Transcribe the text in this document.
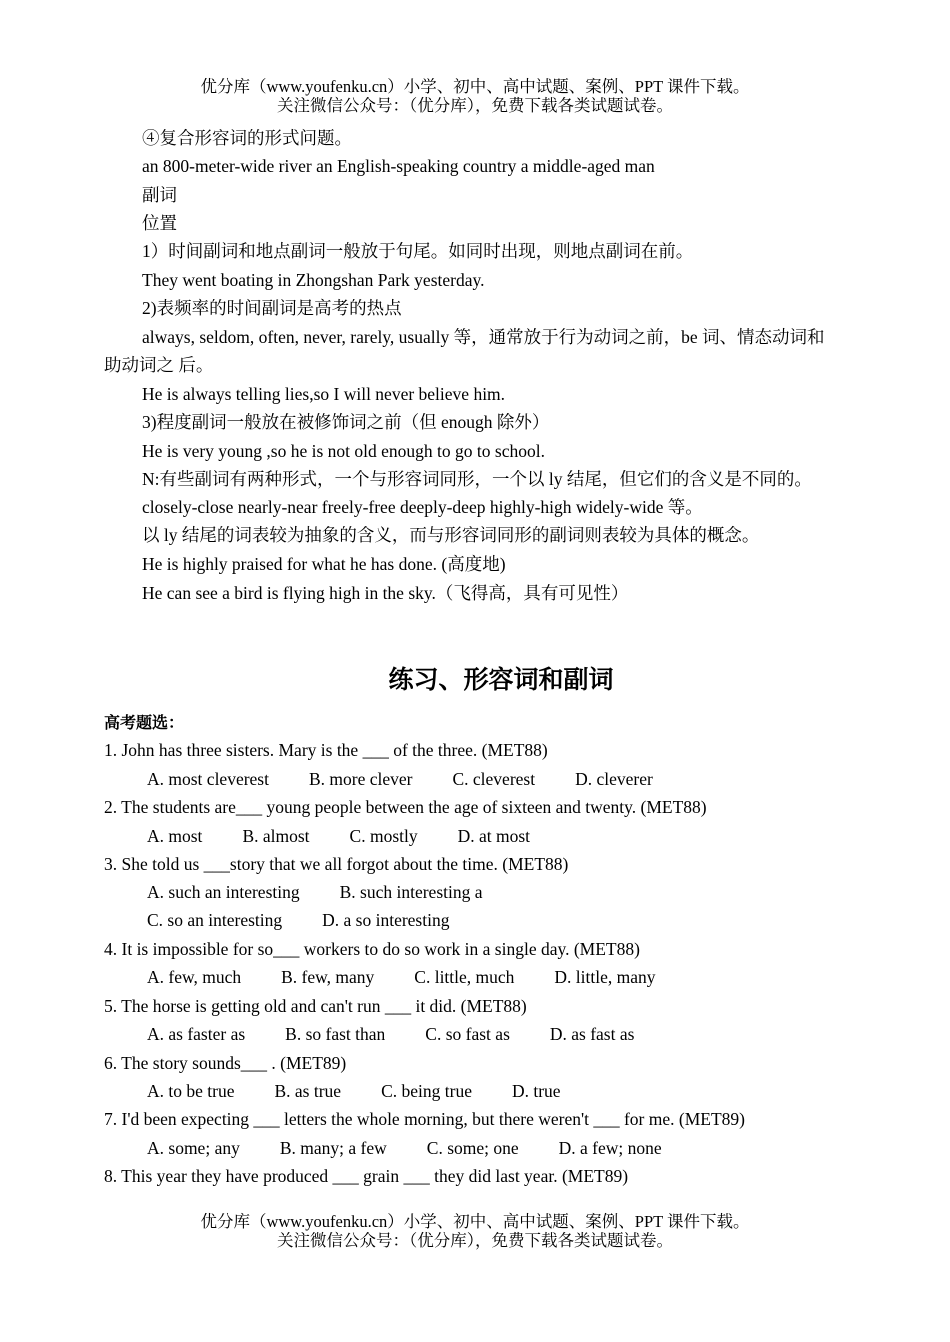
优分库（www.youfenku.cn）小学、初中、高中试题、案例、PPT 课件下载。
关注微信公众号：（优分库），免费下载各类试题试卷。
④复合形容词的形式问题。
an 800-meter-wide river an English-speaking country a middle-aged man
副词
位置
1）时间副词和地点副词一般放于句尾。如同时出现，则地点副词在前。
They went boating in Zhongshan Park yesterday.
2)表频率的时间副词是高考的热点
always, seldom, often, never, rarely, usually 等，通常放于行为动词之前，be 词、情态动词和
助动词之 后。
He is always telling lies,so I will never believe him.
3)程度副词一般放在被修饰词之前（但 enough 除外）
He is very young ,so he is not old enough to go to school.
N:有些副词有两种形式，一个与形容词同形，一个以 ly 结尾，但它们的含义是不同的。
closely-close nearly-near freely-free deeply-deep highly-high widely-wide 等。
以 ly 结尾的词表较为抽象的含义，而与形容词同形的副词则表较为具体的概念。
He is highly praised for what he has done. (高度地)
He can see a bird is flying high in the sky.（飞得高，具有可见性）
练习、形容词和副词
高考题选：
1. John has three sisters. Mary is the ___ of the three. (MET88)
A. most cleverest B. more clever C. cleverest D. cleverer
2. The students are___ young people between the age of sixteen and twenty. (MET88)
A. most B. almost C. mostly D. at most
3. She told us ___story that we all forgot about the time. (MET88)
A. such an interesting B. such interesting a
C. so an interesting D. a so interesting
4. It is impossible for so___ workers to do so work in a single day. (MET88)
A. few, much B. few, many C. little, much D. little, many
5. The horse is getting old and can't run ___ it did. (MET88)
A. as faster as B. so fast than C. so fast as D. as fast as
6. The story sounds___ . (MET89)
A. to be true B. as true C. being true D. true
7. I'd been expecting ___ letters the whole morning, but there weren't ___ for me. (MET89)
A. some; any B. many; a few C. some; one D. a few; none
8. This year they have produced ___ grain ___ they did last year. (MET89)
优分库（www.youfenku.cn）小学、初中、高中试题、案例、PPT 课件下载。
关注微信公众号：（优分库），免费下载各类试题试卷。
